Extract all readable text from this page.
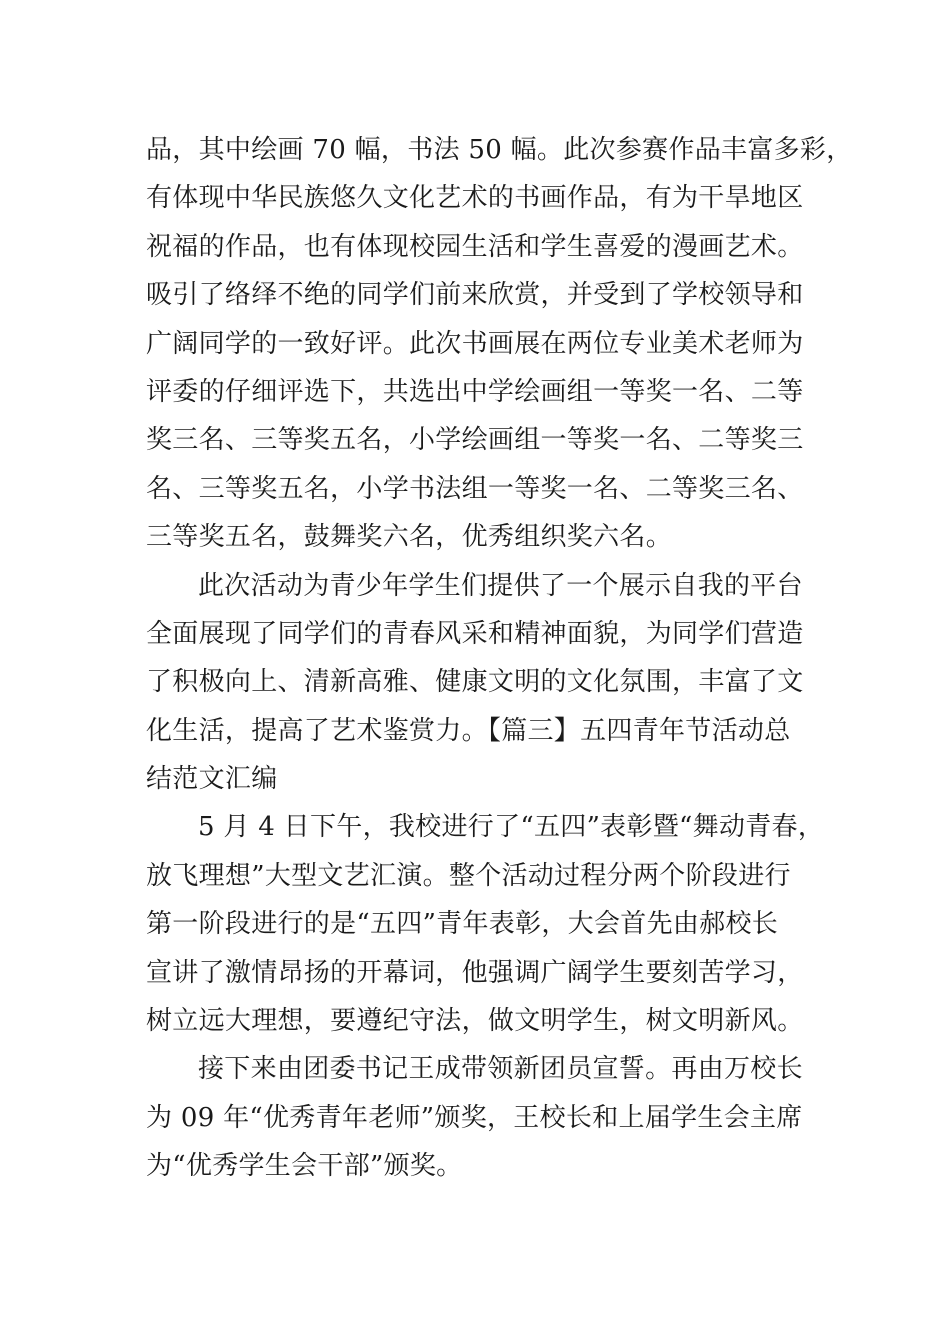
品，其中绘画 70 幅，书法 50 幅。此次参赛作品丰富多彩，
有体现中华民族悠久文化艺术的书画作品，有为干旱地区
祝福的作品，也有体现校园生活和学生喜爱的漫画艺术。
吸引了络绎不绝的同学们前来欣赏，并受到了学校领导和
广阔同学的一致好评。此次书画展在两位专业美术老师为
评委的仔细评选下，共选出中学绘画组一等奖一名、二等
奖三名、三等奖五名，小学绘画组一等奖一名、二等奖三
名、三等奖五名，小学书法组一等奖一名、二等奖三名、
三等奖五名，鼓舞奖六名，优秀组织奖六名。
此次活动为青少年学生们提供了一个展示自我的平台
全面展现了同学们的青春风采和精神面貌，为同学们营造
了积极向上、清新高雅、健康文明的文化氛围，丰富了文
化生活，提高了艺术鉴赏力。【篇三】五四青年节活动总
结范文汇编
5 月 4 日下午，我校进行了“五四”表彰暨“舞动青春，
放飞理想”大型文艺汇演。整个活动过程分两个阶段进行
第一阶段进行的是“五四”青年表彰，大会首先由郝校长
宣讲了激情昂扬的开幕词，他强调广阔学生要刻苦学习，
树立远大理想，要遵纪守法，做文明学生，树文明新风。
接下来由团委书记王成带领新团员宣誓。再由万校长
为 09 年“优秀青年老师”颁奖，王校长和上届学生会主席
为“优秀学生会干部”颁奖。
